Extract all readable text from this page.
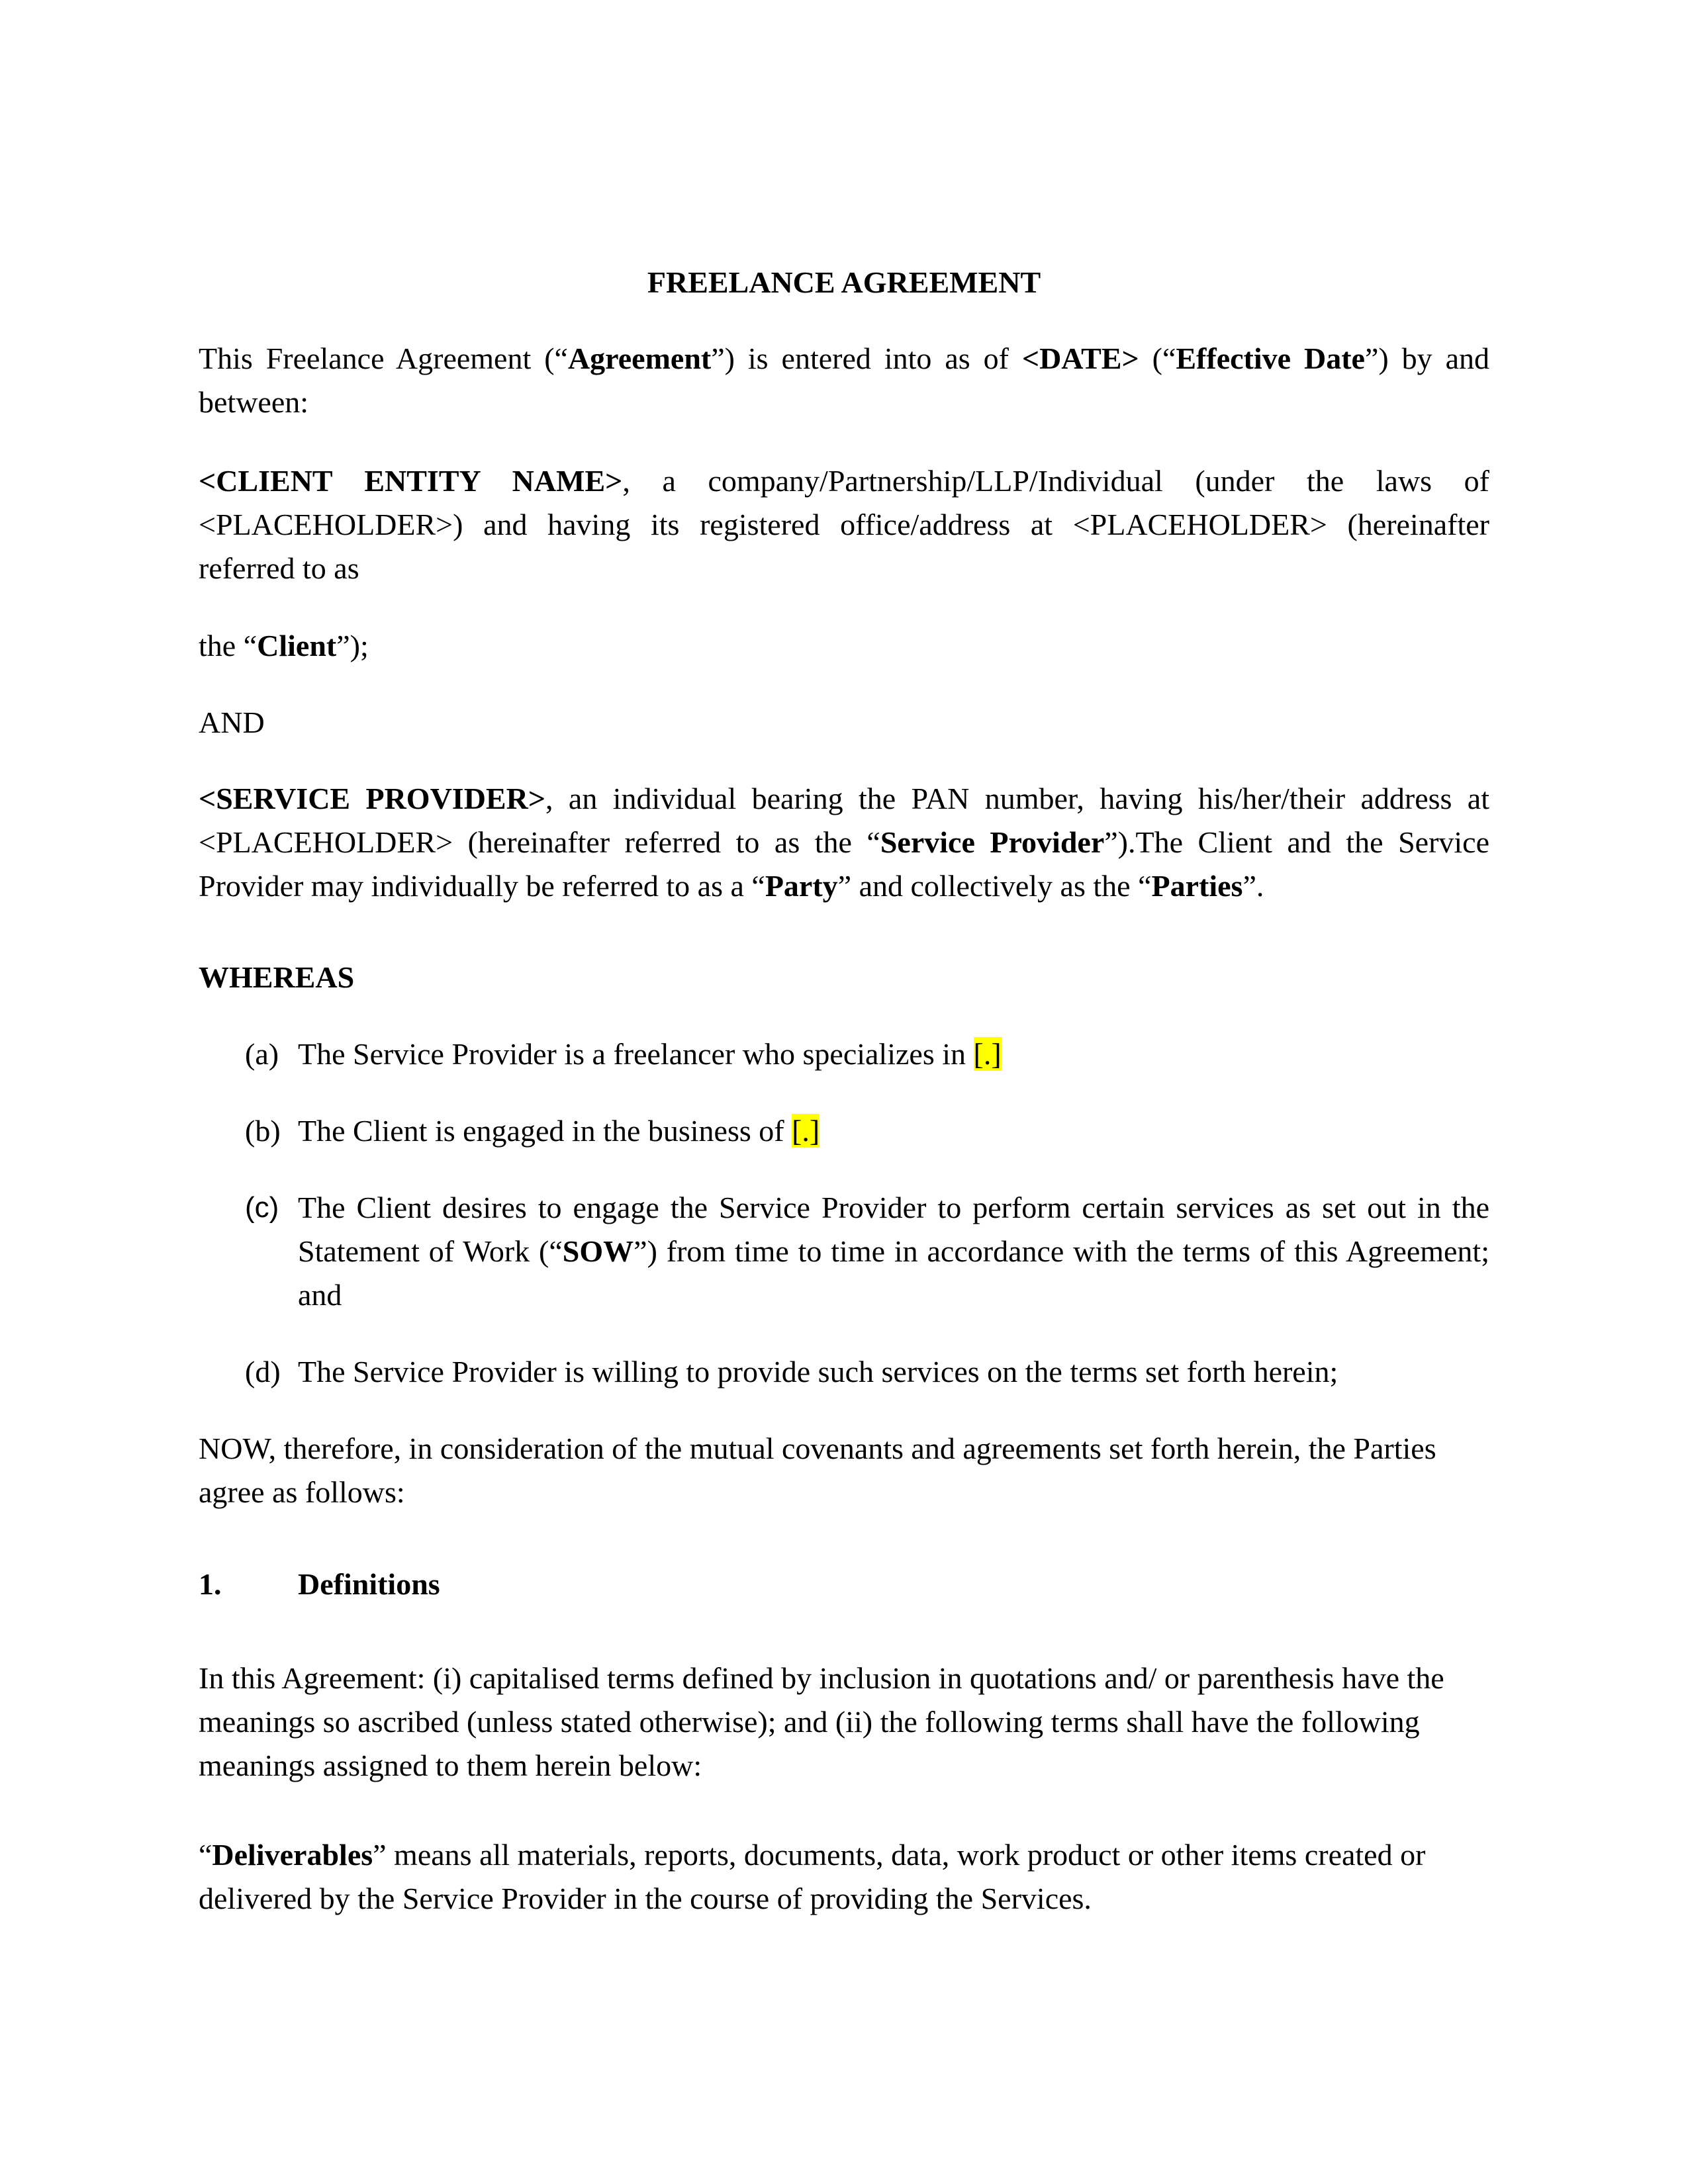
FREELANCE AGREEMENT

This Freelance Agreement (“Agreement”) is entered into as of <DATE> (“Effective Date”) by and between:

<CLIENT ENTITY NAME>, a company/Partnership/LLP/Individual (under the laws of <PLACEHOLDER>) and having its registered office/address at <PLACEHOLDER> (hereinafter referred to as

the “Client”);

AND

<SERVICE PROVIDER>, an individual bearing the PAN number, having his/her/their address at <PLACEHOLDER> (hereinafter referred to as the “Service Provider”).The Client and the Service Provider may individually be referred to as a “Party” and collectively as the “Parties”.

WHEREAS

(a) The Service Provider is a freelancer who specializes in [.]
(b) The Client is engaged in the business of [.]
(c) The Client desires to engage the Service Provider to perform certain services as set out in the Statement of Work (“SOW”) from time to time in accordance with the terms of this Agreement; and
(d) The Service Provider is willing to provide such services on the terms set forth herein;

NOW, therefore, in consideration of the mutual covenants and agreements set forth herein, the Parties agree as follows:

1.	Definitions

In this Agreement: (i) capitalised terms defined by inclusion in quotations and/ or parenthesis have the meanings so ascribed (unless stated otherwise); and (ii) the following terms shall have the following meanings assigned to them herein below:

“Deliverables” means all materials, reports, documents, data, work product or other items created or delivered by the Service Provider in the course of providing the Services.
